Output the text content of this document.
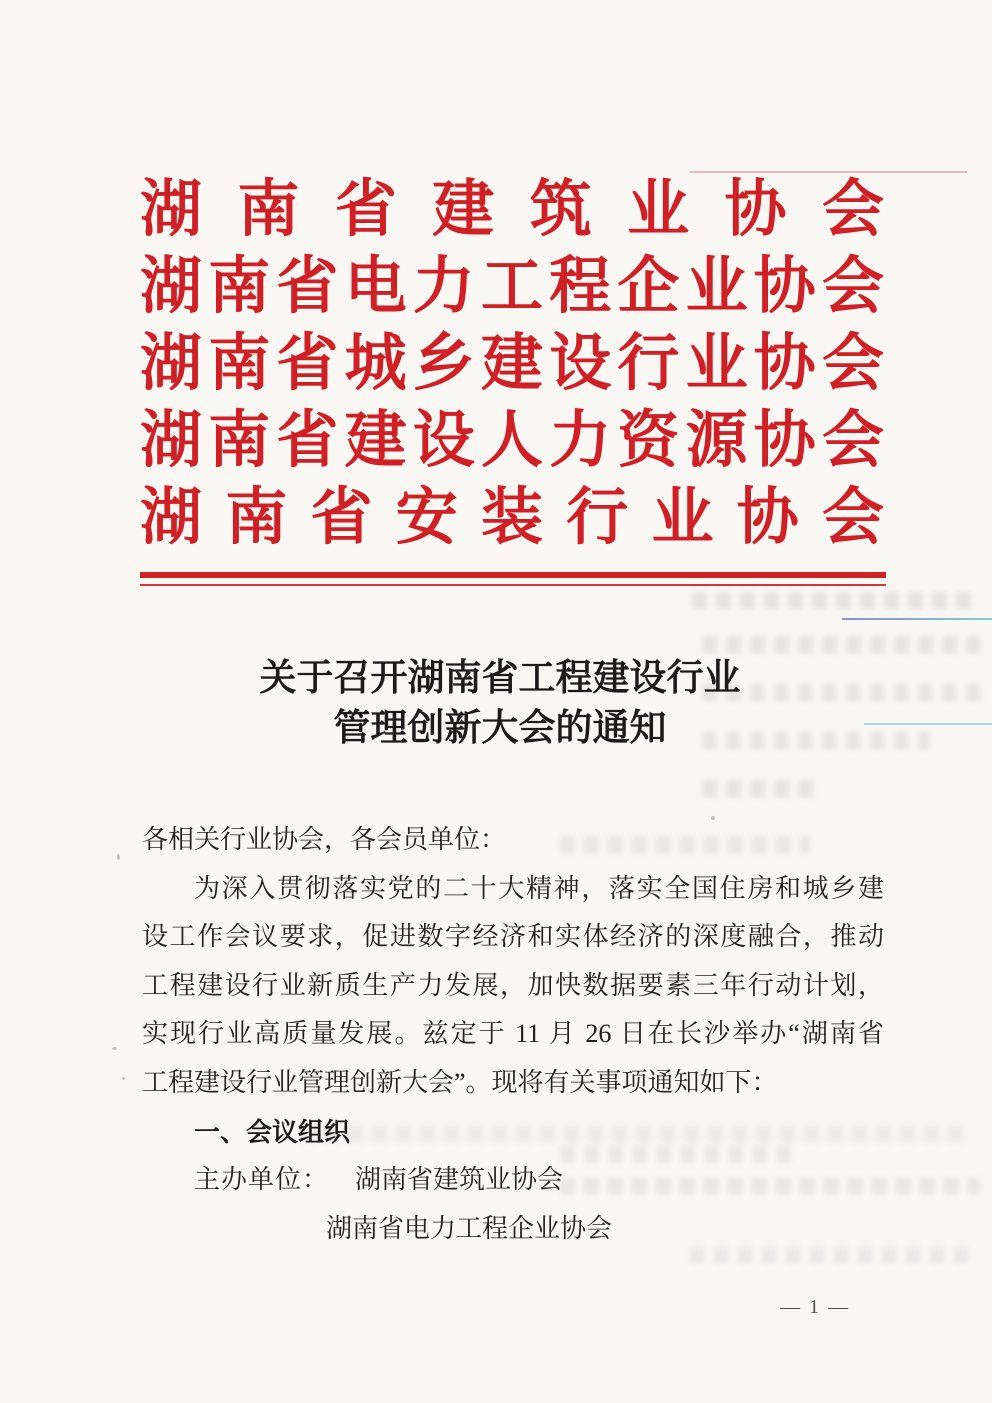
湖南省建筑业协会
湖南省电力工程企业协会
湖南省城乡建设行业协会
湖南省建设人力资源协会
湖南省安装行业协会
关于召开湖南省工程建设行业
管理创新大会的通知

各相关行业协会，各会员单位：

为深入贯彻落实党的二十大精神，落实全国住房和城乡建

设工作会议要求，促进数字经济和实体经济的深度融合，推动

工程建设行业新质生产力发展，加快数据要素三年行动计划，

实现行业高质量发展。兹定于 11 月 26 日在长沙举办“湖南省

工程建设行业管理创新大会”。现将有关事项通知如下：

一、会议组织

主办单位： 湖南省建筑业协会
湖南省电力工程企业协会
— 1 —
